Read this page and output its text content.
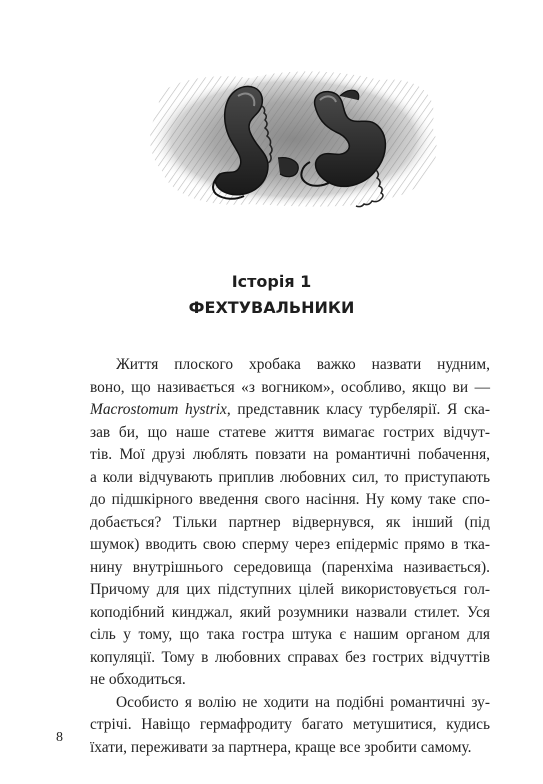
Історія 1
ФЕХТУВАЛЬНИКИ
Життя плоского хробака важко назвати нудним,
воно, що називається «з вогником», особливо, якщо ви —
Macrostomum hystrix, представник класу турбелярії. Я ска-
зав би, що наше статеве життя вимагає гострих відчут-
тів. Мої друзі люблять повзати на романтичні побачення,
а коли відчувають приплив любовних сил, то приступають
до підшкірного введення свого насіння. Ну кому таке спо-
добається? Тільки партнер відвернувся, як інший (під
шумок) вводить свою сперму через епідерміс прямо в тка-
нину внутрішнього середовища (паренхіма називається).
Причому для цих підступних цілей використовується гол-
коподібний кинджал, який розумники назвали стилет. Уся
сіль у тому, що така гостра штука є нашим органом для
копуляції. Тому в любовних справах без гострих відчуттів
не обходиться.
Особисто я волію не ходити на подібні романтичні зу-
стрічі. Навіщо гермафродиту багато метушитися, кудись
їхати, переживати за партнера, краще все зробити самому.
8
